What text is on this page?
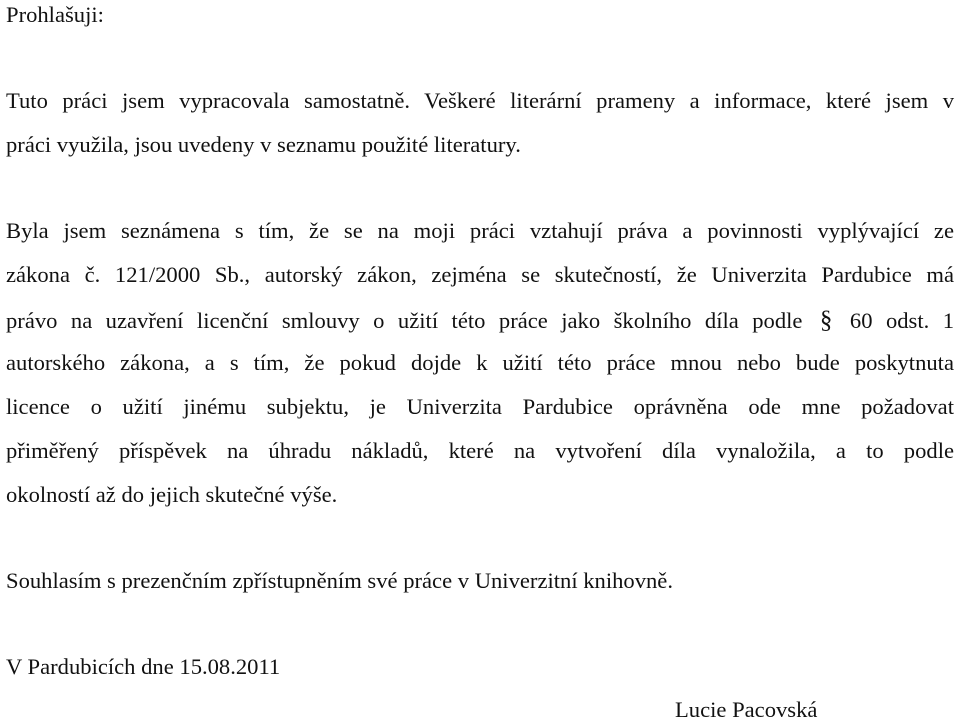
Prohlašuji:
Tuto práci jsem vypracovala samostatně. Veškeré literární prameny a informace, které jsem v
práci využila, jsou uvedeny v seznamu použité literatury.
Byla jsem seznámena s tím, že se na moji práci vztahují práva a povinnosti vyplývající ze
zákona č. 121/2000 Sb., autorský zákon, zejména se skutečností, že Univerzita Pardubice má
právo na uzavření licenční smlouvy o užití této práce jako školního díla podle § 60 odst. 1
autorského zákona, a s tím, že pokud dojde k užití této práce mnou nebo bude poskytnuta
licence o užití jinému subjektu, je Univerzita Pardubice oprávněna ode mne požadovat
přiměřený příspěvek na úhradu nákladů, které na vytvoření díla vynaložila, a to podle
okolností až do jejich skutečné výše.
Souhlasím s prezenčním zpřístupněním své práce v Univerzitní knihovně.
V Pardubicích dne 15.08.2011
Lucie Pacovská
